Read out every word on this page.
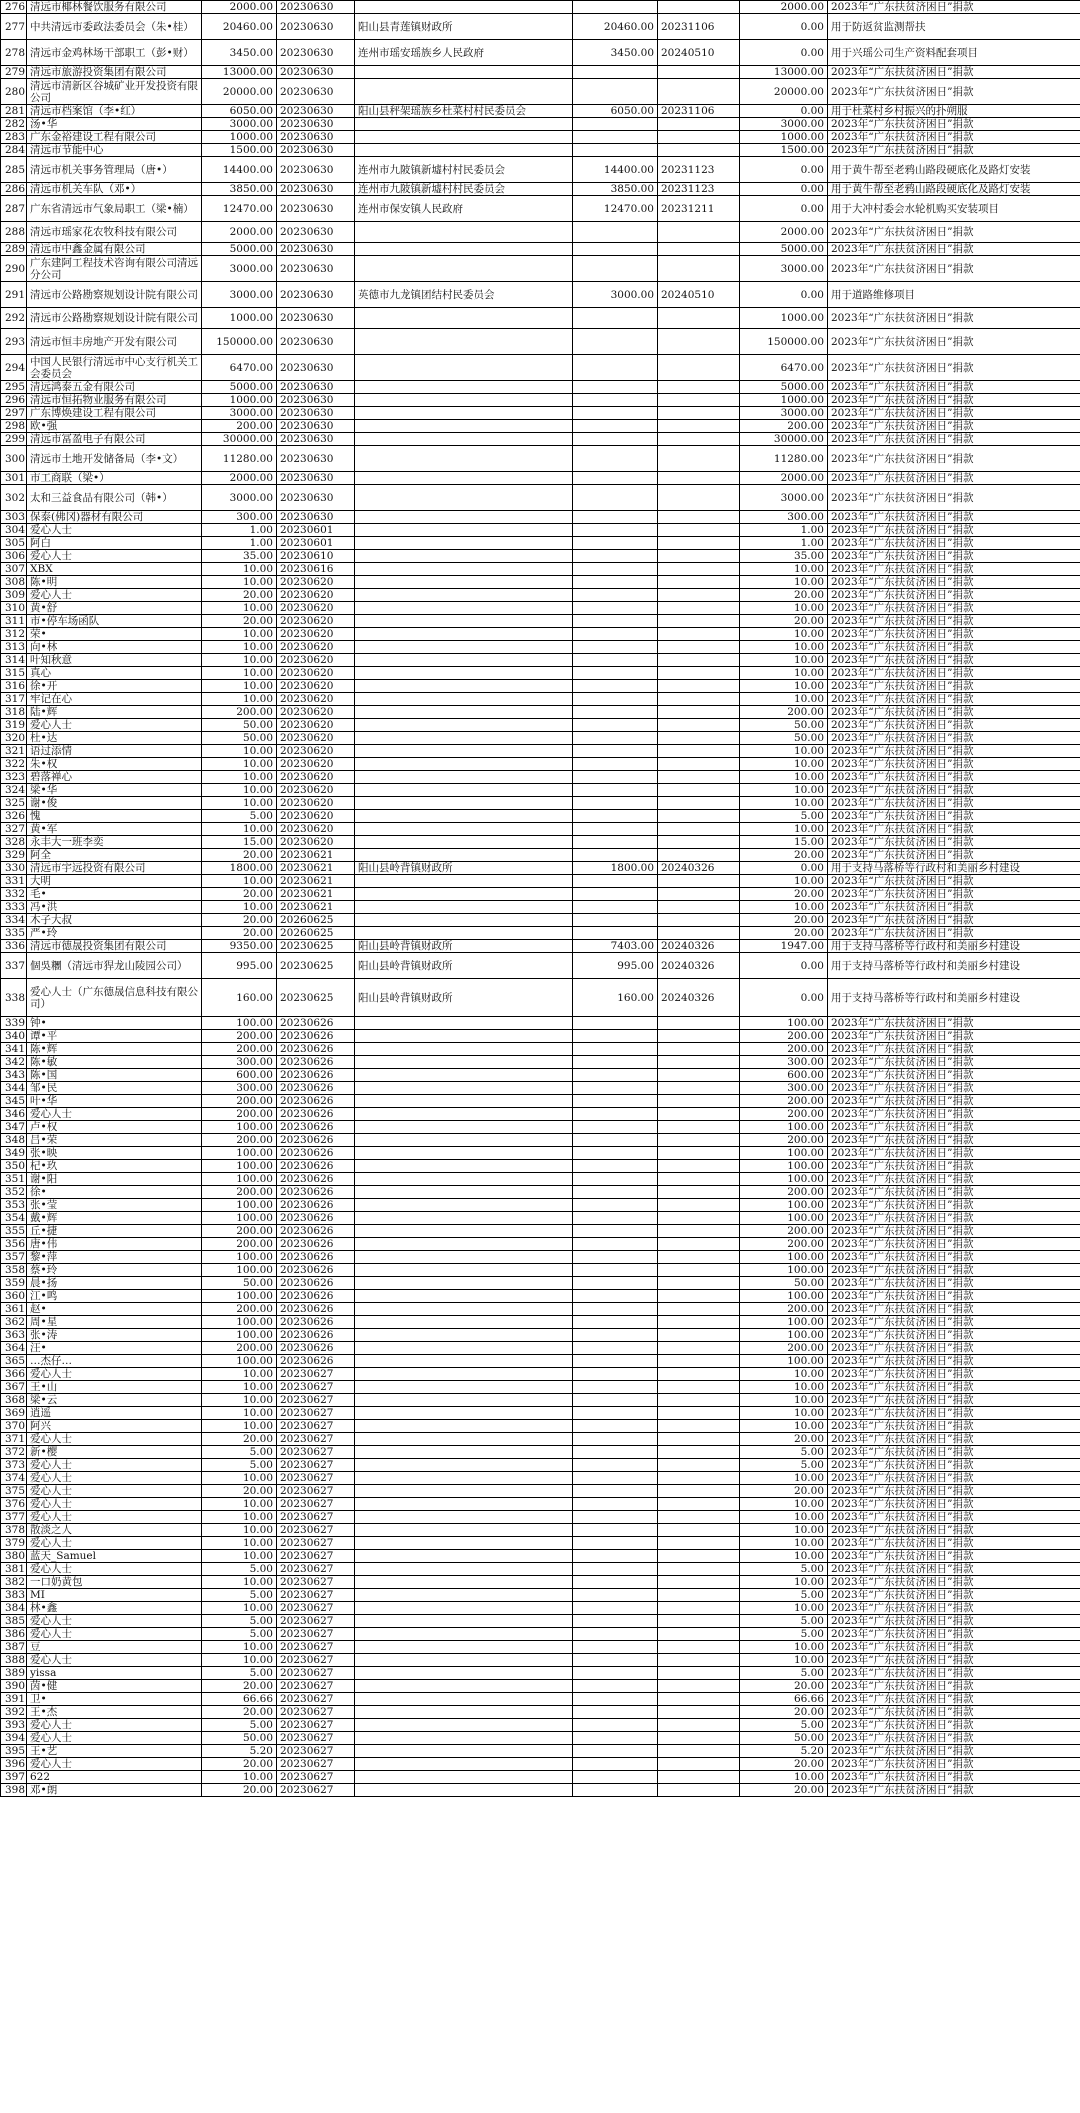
276	清远市椰林餐饮服务有限公司	2000.00	20230630				2000.00	2023年“广东扶贫济困日”捐款
277	中共清远市委政法委员会（朱•桂）	20460.00	20230630	阳山县青莲镇财政所	20460.00	20231106	0.00	用于防返贫监测帮扶
278	清远市金鸡林场干部职工（彭•财）	3450.00	20230630	连州市瑶安瑶族乡人民政府	3450.00	20240510	0.00	用于兴瑶公司生产资料配套项目
279	清远市旅游投资集团有限公司	13000.00	20230630				13000.00	2023年“广东扶贫济困日”捐款
280	清远市清新区谷城矿业开发投资有限公司	20000.00	20230630				20000.00	2023年“广东扶贫济困日”捐款
281	清远市档案馆（李•红）	6050.00	20230630	阳山县秤架瑶族乡杜菜村村民委员会	6050.00	20231106	0.00	用于杜菜村乡村振兴的扑朔服
282	汤•华	3000.00	20230630				3000.00	2023年“广东扶贫济困日”捐款
283	广东金裕建设工程有限公司	1000.00	20230630				1000.00	2023年“广东扶贫济困日”捐款
284	清远市节能中心	1500.00	20230630				1500.00	2023年“广东扶贫济困日”捐款
285	清远市机关事务管理局（唐•）	14400.00	20230630	连州市九陂镇新墟村村民委员会	14400.00	20231123	0.00	用于黄牛帮至老鸦山路段硬底化及路灯安装
286	清远市机关车队（邓•）	3850.00	20230630	连州市九陂镇新墟村村民委员会	3850.00	20231123	0.00	用于黄牛帮至老鸦山路段硬底化及路灯安装
287	广东省清远市气象局职工（梁•楠）	12470.00	20230630	连州市保安镇人民政府	12470.00	20231211	0.00	用于大冲村委会水轮机购买安装项目
288	清远市瑶家花农牧科技有限公司	2000.00	20230630				2000.00	2023年“广东扶贫济困日”捐款
289	清远市中鑫金属有限公司	5000.00	20230630				5000.00	2023年“广东扶贫济困日”捐款
290	广东建阿工程技术咨询有限公司清远分公司	3000.00	20230630				3000.00	2023年“广东扶贫济困日”捐款
291	清远市公路勘察规划设计院有限公司	3000.00	20230630	英德市九龙镇团结村民委员会	3000.00	20240510	0.00	用于道路维修项目
292	清远市公路勘察规划设计院有限公司	1000.00	20230630				1000.00	2023年“广东扶贫济困日”捐款
293	清远市恒丰房地产开发有限公司	150000.00	20230630				150000.00	2023年“广东扶贫济困日”捐款
294	中国人民银行清远市中心支行机关工会委员会	6470.00	20230630				6470.00	2023年“广东扶贫济困日”捐款
295	清远鸿泰五金有限公司	5000.00	20230630				5000.00	2023年“广东扶贫济困日”捐款
296	清远市恒拓物业服务有限公司	1000.00	20230630				1000.00	2023年“广东扶贫济困日”捐款
297	广东博焕建设工程有限公司	3000.00	20230630				3000.00	2023年“广东扶贫济困日”捐款
298	欧•强	200.00	20230630				200.00	2023年“广东扶贫济困日”捐款
299	清远市冨盈电子有限公司	30000.00	20230630				30000.00	2023年“广东扶贫济困日”捐款
300	清远市土地开发储备局（李•文）	11280.00	20230630				11280.00	2023年“广东扶贫济困日”捐款
301	市工商联（梁•）	2000.00	20230630				2000.00	2023年“广东扶贫济困日”捐款
302	太和三益食品有限公司（韩•）	3000.00	20230630				3000.00	2023年“广东扶贫济困日”捐款
303	保泰(佛冈)器材有限公司	300.00	20230630				300.00	2023年“广东扶贫济困日”捐款
304	爱心人士	1.00	20230601				1.00	2023年“广东扶贫济困日”捐款
305	阿白	1.00	20230601				1.00	2023年“广东扶贫济困日”捐款
306	爱心人士	35.00	20230610				35.00	2023年“广东扶贫济困日”捐款
307	XBX	10.00	20230616				10.00	2023年“广东扶贫济困日”捐款
308	陈•明	10.00	20230620				10.00	2023年“广东扶贫济困日”捐款
309	爱心人士	20.00	20230620				20.00	2023年“广东扶贫济困日”捐款
310	黄•舒	10.00	20230620				10.00	2023年“广东扶贫济困日”捐款
311	市•停车场函队	20.00	20230620				20.00	2023年“广东扶贫济困日”捐款
312	荣•	10.00	20230620				10.00	2023年“广东扶贫济困日”捐款
313	向•林	10.00	20230620				10.00	2023年“广东扶贫济困日”捐款
314	叶知秋意	10.00	20230620				10.00	2023年“广东扶贫济困日”捐款
315	真心	10.00	20230620				10.00	2023年“广东扶贫济困日”捐款
316	徐•开	10.00	20230620				10.00	2023年“广东扶贫济困日”捐款
317	牢记在心	10.00	20230620				10.00	2023年“广东扶贫济困日”捐款
318	陆•辉	200.00	20230620				200.00	2023年“广东扶贫济困日”捐款
319	爱心人士	50.00	20230620				50.00	2023年“广东扶贫济困日”捐款
320	杜•达	50.00	20230620				50.00	2023年“广东扶贫济困日”捐款
321	语过添情	10.00	20230620				10.00	2023年“广东扶贫济困日”捐款
322	朱•权	10.00	20230620				10.00	2023年“广东扶贫济困日”捐款
323	碧落禅心	10.00	20230620				10.00	2023年“广东扶贫济困日”捐款
324	梁•华	10.00	20230620				10.00	2023年“广东扶贫济困日”捐款
325	谢•俊	10.00	20230620				10.00	2023年“广东扶贫济困日”捐款
326	愧	5.00	20230620				5.00	2023年“广东扶贫济困日”捐款
327	黄•军	10.00	20230620				10.00	2023年“广东扶贫济困日”捐款
328	永丰大一班李奕	15.00	20230620				15.00	2023年“广东扶贫济困日”捐款
329	阿全	20.00	20230621				20.00	2023年“广东扶贫济困日”捐款
330	清远市宇远投资有限公司	1800.00	20230621	阳山县岭背镇财政所	1800.00	20240326	0.00	用于支持马落桥等行政村和美丽乡村建设
331	大明	10.00	20230621				10.00	2023年“广东扶贫济困日”捐款
332	毛•	20.00	20230621				20.00	2023年“广东扶贫济困日”捐款
333	冯•洪	10.00	20230621				10.00	2023年“广东扶贫济困日”捐款
334	木子大叔	20.00	20260625				20.00	2023年“广东扶贫济困日”捐款
335	严•玲	20.00	20260625				20.00	2023年“广东扶贫济困日”捐款
336	清远市德晟投资集团有限公司	9350.00	20230625	阳山县岭背镇财政所	7403.00	20240326	1947.00	用于支持马落桥等行政村和美丽乡村建设
337	個吳糰（清远市猂龙山陵园公司）	995.00	20230625	阳山县岭背镇财政所	995.00	20240326	0.00	用于支持马落桥等行政村和美丽乡村建设
338	爱心人士（广东德晟信息科技有限公司）	160.00	20230625	阳山县岭背镇财政所	160.00	20240326	0.00	用于支持马落桥等行政村和美丽乡村建设
339	钟•	100.00	20230626				100.00	2023年“广东扶贫济困日”捐款
340	谭•平	200.00	20230626				200.00	2023年“广东扶贫济困日”捐款
341	陈•辉	200.00	20230626				200.00	2023年“广东扶贫济困日”捐款
342	陈•敏	300.00	20230626				300.00	2023年“广东扶贫济困日”捐款
343	陈•国	600.00	20230626				600.00	2023年“广东扶贫济困日”捐款
344	邹•民	300.00	20230626				300.00	2023年“广东扶贫济困日”捐款
345	叶•华	200.00	20230626				200.00	2023年“广东扶贫济困日”捐款
346	爱心人士	200.00	20230626				200.00	2023年“广东扶贫济困日”捐款
347	卢•权	100.00	20230626				100.00	2023年“广东扶贫济困日”捐款
348	吕•荣	200.00	20230626				200.00	2023年“广东扶贫济困日”捐款
349	张•映	100.00	20230626				100.00	2023年“广东扶贫济困日”捐款
350	杞•玖	100.00	20230626				100.00	2023年“广东扶贫济困日”捐款
351	谢•阳	100.00	20230626				100.00	2023年“广东扶贫济困日”捐款
352	徐•	200.00	20230626				200.00	2023年“广东扶贫济困日”捐款
353	张•莹	100.00	20230626				100.00	2023年“广东扶贫济困日”捐款
354	戴•辉	100.00	20230626				100.00	2023年“广东扶贫济困日”捐款
355	丘•捷	200.00	20230626				200.00	2023年“广东扶贫济困日”捐款
356	唐•伟	200.00	20230626				200.00	2023年“广东扶贫济困日”捐款
357	黎•萍	100.00	20230626				100.00	2023年“广东扶贫济困日”捐款
358	蔡•玲	100.00	20230626				100.00	2023年“广东扶贫济困日”捐款
359	晨•扬	50.00	20230626				50.00	2023年“广东扶贫济困日”捐款
360	江•鸣	100.00	20230626				100.00	2023年“广东扶贫济困日”捐款
361	赵•	200.00	20230626				200.00	2023年“广东扶贫济困日”捐款
362	周•星	100.00	20230626				100.00	2023年“广东扶贫济困日”捐款
363	张•涛	100.00	20230626				100.00	2023年“广东扶贫济困日”捐款
364	汪•	200.00	20230626				200.00	2023年“广东扶贫济困日”捐款
365	…杰仔…	100.00	20230626				100.00	2023年“广东扶贫济困日”捐款
366	爱心人士	10.00	20230627				10.00	2023年“广东扶贫济困日”捐款
367	王•山	10.00	20230627				10.00	2023年“广东扶贫济困日”捐款
368	梁•云	10.00	20230627				10.00	2023年“广东扶贫济困日”捐款
369	逍遥	10.00	20230627				10.00	2023年“广东扶贫济困日”捐款
370	阿兴	10.00	20230627				10.00	2023年“广东扶贫济困日”捐款
371	爱心人士	20.00	20230627				20.00	2023年“广东扶贫济困日”捐款
372	新•樱	5.00	20230627				5.00	2023年“广东扶贫济困日”捐款
373	爱心人士	5.00	20230627				5.00	2023年“广东扶贫济困日”捐款
374	爱心人士	10.00	20230627				10.00	2023年“广东扶贫济困日”捐款
375	爱心人士	20.00	20230627				20.00	2023年“广东扶贫济困日”捐款
376	爱心人士	10.00	20230627				10.00	2023年“广东扶贫济困日”捐款
377	爱心人士	10.00	20230627				10.00	2023年“广东扶贫济困日”捐款
378	散淡之人	10.00	20230627				10.00	2023年“广东扶贫济困日”捐款
379	爱心人士	10.00	20230627				10.00	2023年“广东扶贫济困日”捐款
380	蓝天_Samuel	10.00	20230627				10.00	2023年“广东扶贫济困日”捐款
381	爱心人士	5.00	20230627				5.00	2023年“广东扶贫济困日”捐款
382	一口奶黄包	10.00	20230627				10.00	2023年“广东扶贫济困日”捐款
383	MI	5.00	20230627				5.00	2023年“广东扶贫济困日”捐款
384	林•鑫	10.00	20230627				10.00	2023年“广东扶贫济困日”捐款
385	爱心人士	5.00	20230627				5.00	2023年“广东扶贫济困日”捐款
386	爱心人士	5.00	20230627				5.00	2023年“广东扶贫济困日”捐款
387	豆	10.00	20230627				10.00	2023年“广东扶贫济困日”捐款
388	爱心人士	10.00	20230627				10.00	2023年“广东扶贫济困日”捐款
389	yissa	5.00	20230627				5.00	2023年“广东扶贫济困日”捐款
390	茵•健	20.00	20230627				20.00	2023年“广东扶贫济困日”捐款
391	卫•	66.66	20230627				66.66	2023年“广东扶贫济困日”捐款
392	王•杰	20.00	20230627				20.00	2023年“广东扶贫济困日”捐款
393	爱心人士	5.00	20230627				5.00	2023年“广东扶贫济困日”捐款
394	爱心人士	50.00	20230627				50.00	2023年“广东扶贫济困日”捐款
395	王•艺	5.20	20230627				5.20	2023年“广东扶贫济困日”捐款
396	爱心人士	20.00	20230627				20.00	2023年“广东扶贫济困日”捐款
397	622	10.00	20230627				10.00	2023年“广东扶贫济困日”捐款
398	邓•朗	20.00	20230627				20.00	2023年“广东扶贫济困日”捐款
